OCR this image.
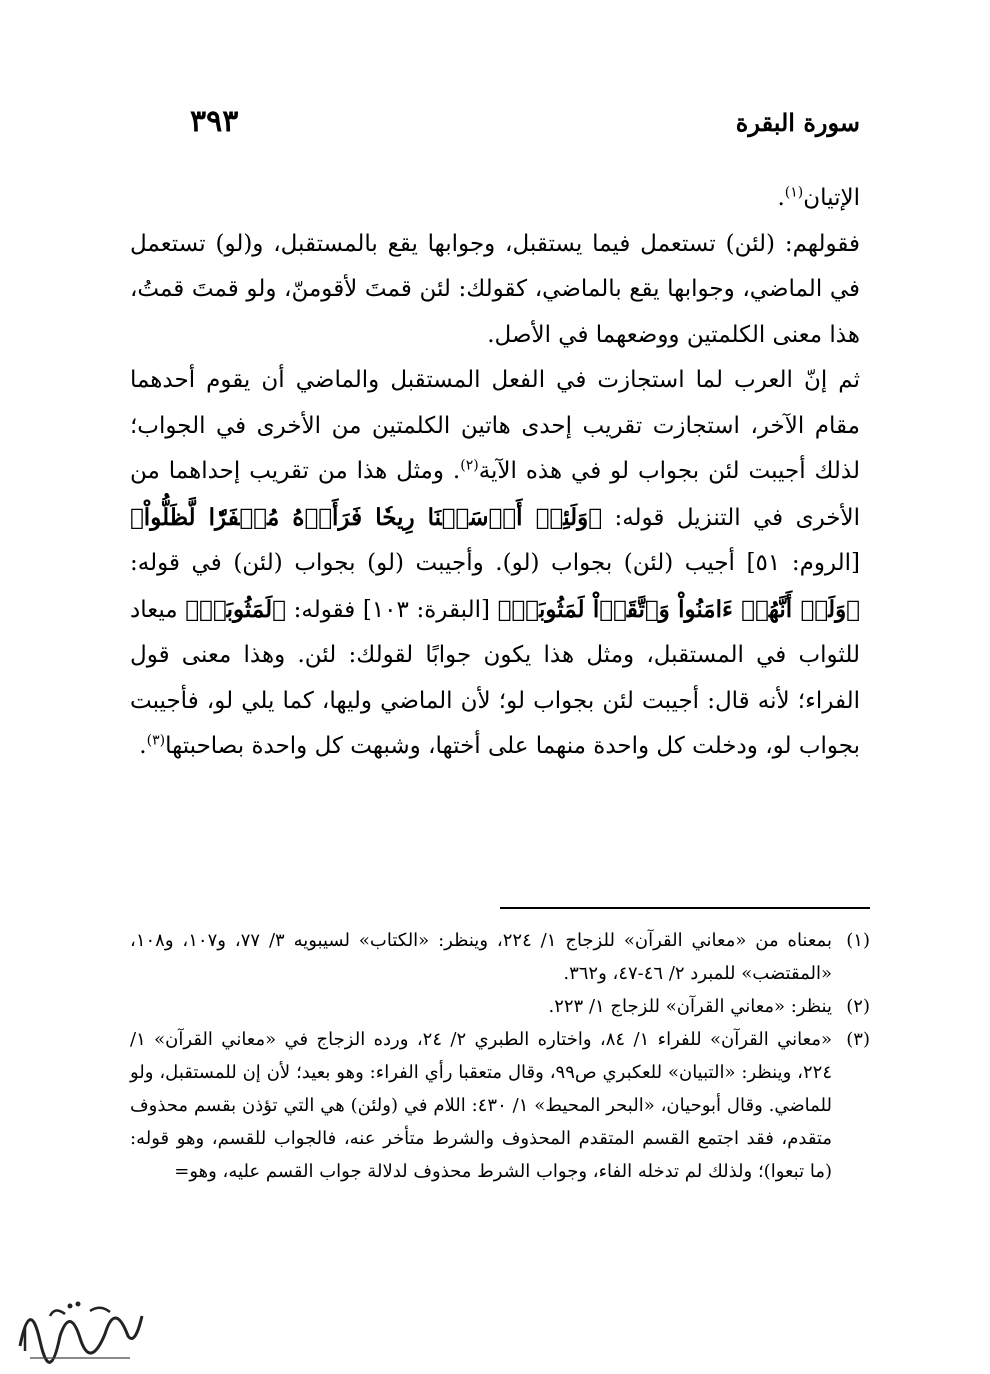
سورة البقرة
٣٩٣

الإتيان$^{(١)}$.

فقولهم: (لئن) تستعمل فيما يستقبل، وجوابها يقع بالمستقبل، و(لو) تستعمل في الماضي، وجوابها يقع بالماضي، كقولك: لئن قمتَ لأقومنّ، ولو قمتَ قمتُ، هذا معنى الكلمتين ووضعهما في الأصل.

ثم إنّ العرب لما استجازت في الفعل المستقبل والماضي أن يقوم أحدهما مقام الآخر، استجازت تقريب إحدى هاتين الكلمتين من الأخرى في الجواب؛ لذلك أجيبت لئن بجواب لو في هذه الآية$^{(٢)}$. ومثل هذا من تقريب إحداهما من الأخرى في التنزيل قوله: ﴿وَلَئِنۡ أَرۡسَلۡنَا رِيحٗا فَرَأَوۡهُ مُصۡفَرّٗا لَّظَلُّواْ﴾ [الروم: ٥١] أجيب (لئن) بجواب (لو). وأجيبت (لو) بجواب (لئن) في قوله: ﴿وَلَوۡ أَنَّهُمۡ ءَامَنُواْ وَٱتَّقَوۡاْ لَمَثُوبَةٞ﴾ [البقرة: ١٠٣] فقوله: ﴿لَمَثُوبَةٞ﴾ ميعاد للثواب في المستقبل، ومثل هذا يكون جوابًا لقولك: لئن. وهذا معنى قول الفراء؛ لأنه قال: أجيبت لئن بجواب لو؛ لأن الماضي وليها، كما يلي لو، فأجيبت بجواب لو، ودخلت كل واحدة منهما على أختها، وشبهت كل واحدة بصاحبتها$^{(٣)}$.

(١)
بمعناه من «معاني القرآن» للزجاج ١/ ٢٢٤، وينظر: «الكتاب» لسيبويه ٣/ ٧٧، و١٠٧، و١٠٨، «المقتضب» للمبرد ٢/ ٤٦-٤٧، و٣٦٢.
(٢)
ينظر: «معاني القرآن» للزجاج ١/ ٢٢٣.
(٣)
«معاني القرآن» للفراء ١/ ٨٤، واختاره الطبري ٢/ ٢٤، ورده الزجاج في «معاني القرآن» ١/ ٢٢٤، وينظر: «التبيان» للعكبري ص٩٩، وقال متعقبا رأي الفراء: وهو بعيد؛ لأن إن للمستقبل، ولو للماضي. وقال أبوحيان، «البحر المحيط» ١/ ٤٣٠: اللام في (ولئن) هي التي تؤذن بقسم محذوف متقدم، فقد اجتمع القسم المتقدم المحذوف والشرط متأخر عنه، فالجواب للقسم، وهو قوله: (ما تبعوا)؛ ولذلك لم تدخله الفاء، وجواب الشرط محذوف لدلالة جواب القسم عليه، وهو=
